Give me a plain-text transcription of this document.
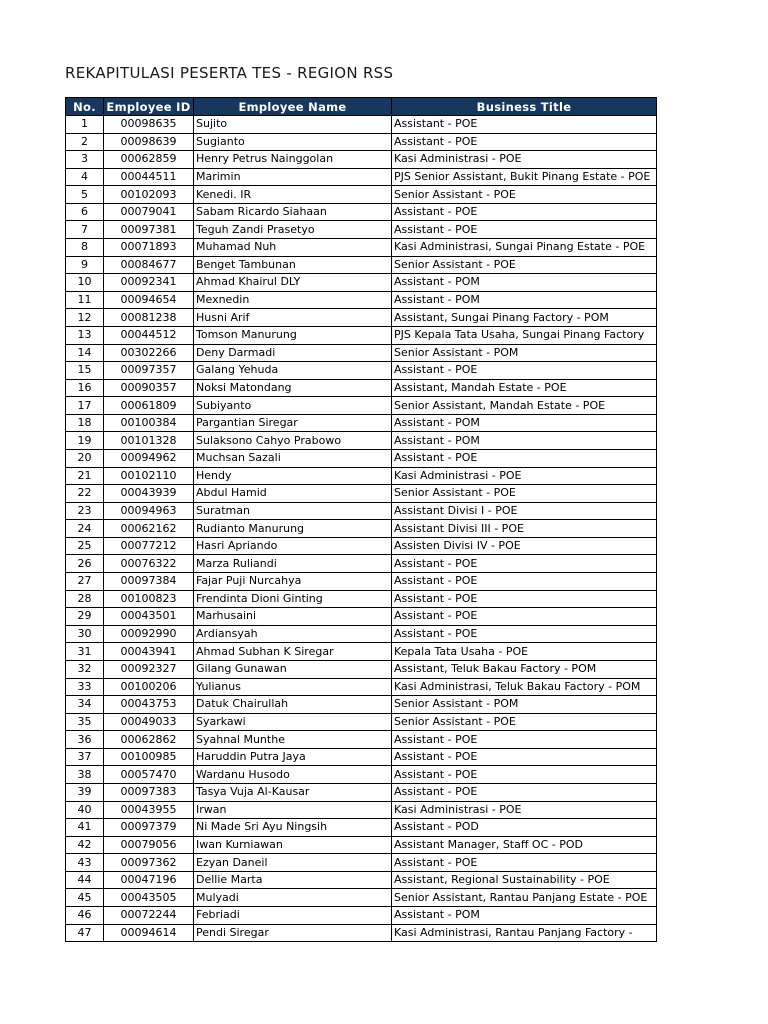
REKAPITULASI PESERTA TES - REGION RSS
No.	Employee ID	Employee Name	Business Title
1	00098635	Sujito	Assistant - POE
2	00098639	Sugianto	Assistant - POE
3	00062859	Henry Petrus Nainggolan	Kasi Administrasi - POE
4	00044511	Marimin	PJS Senior Assistant, Bukit Pinang Estate - POE
5	00102093	Kenedi. IR	Senior Assistant - POE
6	00079041	Sabam Ricardo Siahaan	Assistant - POE
7	00097381	Teguh Zandi Prasetyo	Assistant - POE
8	00071893	Muhamad Nuh	Kasi Administrasi, Sungai Pinang Estate - POE
9	00084677	Benget Tambunan	Senior Assistant - POE
10	00092341	Ahmad Khairul DLY	Assistant - POM
11	00094654	Mexnedin	Assistant - POM
12	00081238	Husni Arif	Assistant, Sungai Pinang Factory - POM
13	00044512	Tomson Manurung	PJS Kepala Tata Usaha, Sungai Pinang Factory
14	00302266	Deny Darmadi	Senior Assistant - POM
15	00097357	Galang Yehuda	Assistant - POE
16	00090357	Noksi Matondang	Assistant, Mandah Estate - POE
17	00061809	Subiyanto	Senior Assistant, Mandah Estate - POE
18	00100384	Pargantian Siregar	Assistant - POM
19	00101328	Sulaksono Cahyo Prabowo	Assistant - POM
20	00094962	Muchsan Sazali	Assistant - POE
21	00102110	Hendy	Kasi Administrasi - POE
22	00043939	Abdul Hamid	Senior Assistant - POE
23	00094963	Suratman	Assistant Divisi I - POE
24	00062162	Rudianto Manurung	Assistant Divisi III - POE
25	00077212	Hasri Apriando	Assisten Divisi IV - POE
26	00076322	Marza Ruliandi	Assistant - POE
27	00097384	Fajar Puji Nurcahya	Assistant - POE
28	00100823	Frendinta Dioni Ginting	Assistant - POE
29	00043501	Marhusaini	Assistant - POE
30	00092990	Ardiansyah	Assistant - POE
31	00043941	Ahmad Subhan K Siregar	Kepala Tata Usaha - POE
32	00092327	Gilang Gunawan	Assistant, Teluk Bakau Factory - POM
33	00100206	Yulianus	Kasi Administrasi, Teluk Bakau Factory - POM
34	00043753	Datuk Chairullah	Senior Assistant - POM
35	00049033	Syarkawi	Senior Assistant - POE
36	00062862	Syahnal Munthe	Assistant - POE
37	00100985	Haruddin Putra Jaya	Assistant - POE
38	00057470	Wardanu Husodo	Assistant - POE
39	00097383	Tasya Vuja Al-Kausar	Assistant - POE
40	00043955	Irwan	Kasi Administrasi - POE
41	00097379	Ni Made Sri Ayu Ningsih	Assistant - POD
42	00079056	Iwan Kurniawan	Assistant Manager, Staff OC - POD
43	00097362	Ezyan Daneil	Assistant - POE
44	00047196	Dellie Marta	Assistant, Regional Sustainability - POE
45	00043505	Mulyadi	Senior Assistant, Rantau Panjang Estate - POE
46	00072244	Febriadi	Assistant - POM
47	00094614	Pendi Siregar	Kasi Administrasi, Rantau Panjang Factory -
